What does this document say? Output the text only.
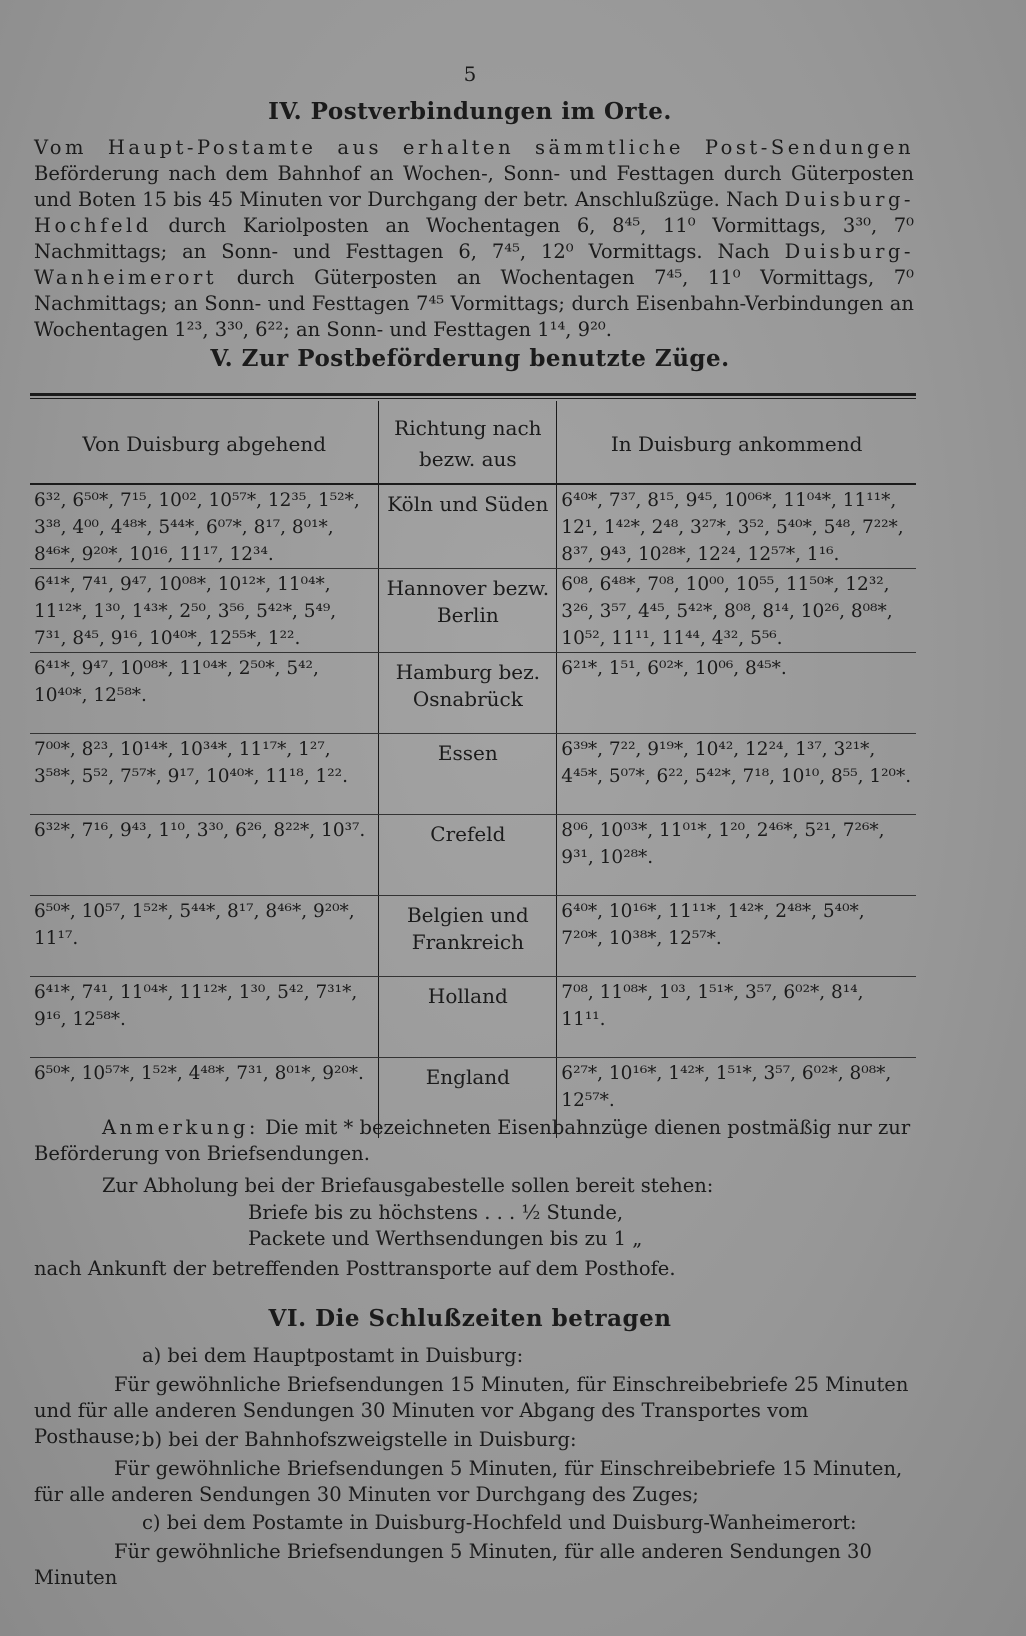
5
IV. Postverbindungen im Orte.
Vom Haupt-Postamte aus erhalten sämmtliche Post-Sendungen Beförderung nach dem Bahnhof an Wochen-, Sonn- und Festtagen durch Güterposten und Boten 15 bis 45 Minuten vor Durchgang der betr. Anschlußzüge. Nach Duisburg-Hochfeld durch Kariolposten an Wochentagen 6, 8⁴⁵, 11⁰ Vormittags, 3³⁰, 7⁰ Nachmittags; an Sonn- und Festtagen 6, 7⁴⁵, 12⁰ Vormittags. Nach Duisburg-Wanheimerort durch Güterposten an Wochentagen 7⁴⁵, 11⁰ Vormittags, 7⁰ Nachmittags; an Sonn- und Festtagen 7⁴⁵ Vormittags; durch Eisenbahn-Verbindungen an Wochentagen 1²³, 3³⁰, 6²²; an Sonn- und Festtagen 1¹⁴, 9²⁰.
V. Zur Postbeförderung benutzte Züge.
Von Duisburg abgehend	Richtung nach bezw. aus	In Duisburg ankommend
6³², 6⁵⁰*, 7¹⁵, 10⁰², 10⁵⁷*, 12³⁵, 1⁵²*, 3³⁸, 4⁰⁰, 4⁴⁸*, 5⁴⁴*, 6⁰⁷*, 8¹⁷, 8⁰¹*, 8⁴⁶*, 9²⁰*, 10¹⁶, 11¹⁷, 12³⁴.	Köln und Süden	6⁴⁰*, 7³⁷, 8¹⁵, 9⁴⁵, 10⁰⁶*, 11⁰⁴*, 11¹¹*, 12¹, 1⁴²*, 2⁴⁸, 3²⁷*, 3⁵², 5⁴⁰*, 5⁴⁸, 7²²*, 8³⁷, 9⁴³, 10²⁸*, 12²⁴, 12⁵⁷*, 1¹⁶.
6⁴¹*, 7⁴¹, 9⁴⁷, 10⁰⁸*, 10¹²*, 11⁰⁴*, 11¹²*, 1³⁰, 1⁴³*, 2⁵⁰, 3⁵⁶, 5⁴²*, 5⁴⁹, 7³¹, 8⁴⁵, 9¹⁶, 10⁴⁰*, 12⁵⁵*, 1²².	Hannover bezw. Berlin	6⁰⁸, 6⁴⁸*, 7⁰⁸, 10⁰⁰, 10⁵⁵, 11⁵⁰*, 12³², 3²⁶, 3⁵⁷, 4⁴⁵, 5⁴²*, 8⁰⁸, 8¹⁴, 10²⁶, 8⁰⁸*, 10⁵², 11¹¹, 11⁴⁴, 4³², 5⁵⁶.
6⁴¹*, 9⁴⁷, 10⁰⁸*, 11⁰⁴*, 2⁵⁰*, 5⁴², 10⁴⁰*, 12⁵⁸*.	Hamburg bez. Osnabrück	6²¹*, 1⁵¹, 6⁰²*, 10⁰⁶, 8⁴⁵*.
7⁰⁰*, 8²³, 10¹⁴*, 10³⁴*, 11¹⁷*, 1²⁷, 3⁵⁸*, 5⁵², 7⁵⁷*, 9¹⁷, 10⁴⁰*, 11¹⁸, 1²².	Essen	6³⁹*, 7²², 9¹⁹*, 10⁴², 12²⁴, 1³⁷, 3²¹*, 4⁴⁵*, 5⁰⁷*, 6²², 5⁴²*, 7¹⁸, 10¹⁰, 8⁵⁵, 1²⁰*.
6³²*, 7¹⁶, 9⁴³, 1¹⁰, 3³⁰, 6²⁶, 8²²*, 10³⁷.	Crefeld	8⁰⁶, 10⁰³*, 11⁰¹*, 1²⁰, 2⁴⁶*, 5²¹, 7²⁶*, 9³¹, 10²⁸*.
6⁵⁰*, 10⁵⁷, 1⁵²*, 5⁴⁴*, 8¹⁷, 8⁴⁶*, 9²⁰*, 11¹⁷.	Belgien und Frankreich	6⁴⁰*, 10¹⁶*, 11¹¹*, 1⁴²*, 2⁴⁸*, 5⁴⁰*, 7²⁰*, 10³⁸*, 12⁵⁷*.
6⁴¹*, 7⁴¹, 11⁰⁴*, 11¹²*, 1³⁰, 5⁴², 7³¹*, 9¹⁶, 12⁵⁸*.	Holland	7⁰⁸, 11⁰⁸*, 1⁰³, 1⁵¹*, 3⁵⁷, 6⁰²*, 8¹⁴, 11¹¹.
6⁵⁰*, 10⁵⁷*, 1⁵²*, 4⁴⁸*, 7³¹, 8⁰¹*, 9²⁰*.	England	6²⁷*, 10¹⁶*, 1⁴²*, 1⁵¹*, 3⁵⁷, 6⁰²*, 8⁰⁸*, 12⁵⁷*.
Anmerkung: Die mit * bezeichneten Eisenbahnzüge dienen postmäßig nur zur Beförderung von Briefsendungen.
Zur Abholung bei der Briefausgabestelle sollen bereit stehen:
Briefe bis zu höchstens . . . ½ Stunde,
Packete und Werthsendungen bis zu 1 „
nach Ankunft der betreffenden Posttransporte auf dem Posthofe.
VI. Die Schlußzeiten betragen
a) bei dem Hauptpostamt in Duisburg:
Für gewöhnliche Briefsendungen 15 Minuten, für Einschreibebriefe 25 Minuten und für alle anderen Sendungen 30 Minuten vor Abgang des Transportes vom Posthause; b) bei der Bahnhofszweigstelle in Duisburg:
Für gewöhnliche Briefsendungen 5 Minuten, für Einschreibebriefe 15 Minuten, für alle anderen Sendungen 30 Minuten vor Durchgang des Zuges;
c) bei dem Postamte in Duisburg-Hochfeld und Duisburg-Wanheimerort:
Für gewöhnliche Briefsendungen 5 Minuten, für alle anderen Sendungen 30 Minuten
